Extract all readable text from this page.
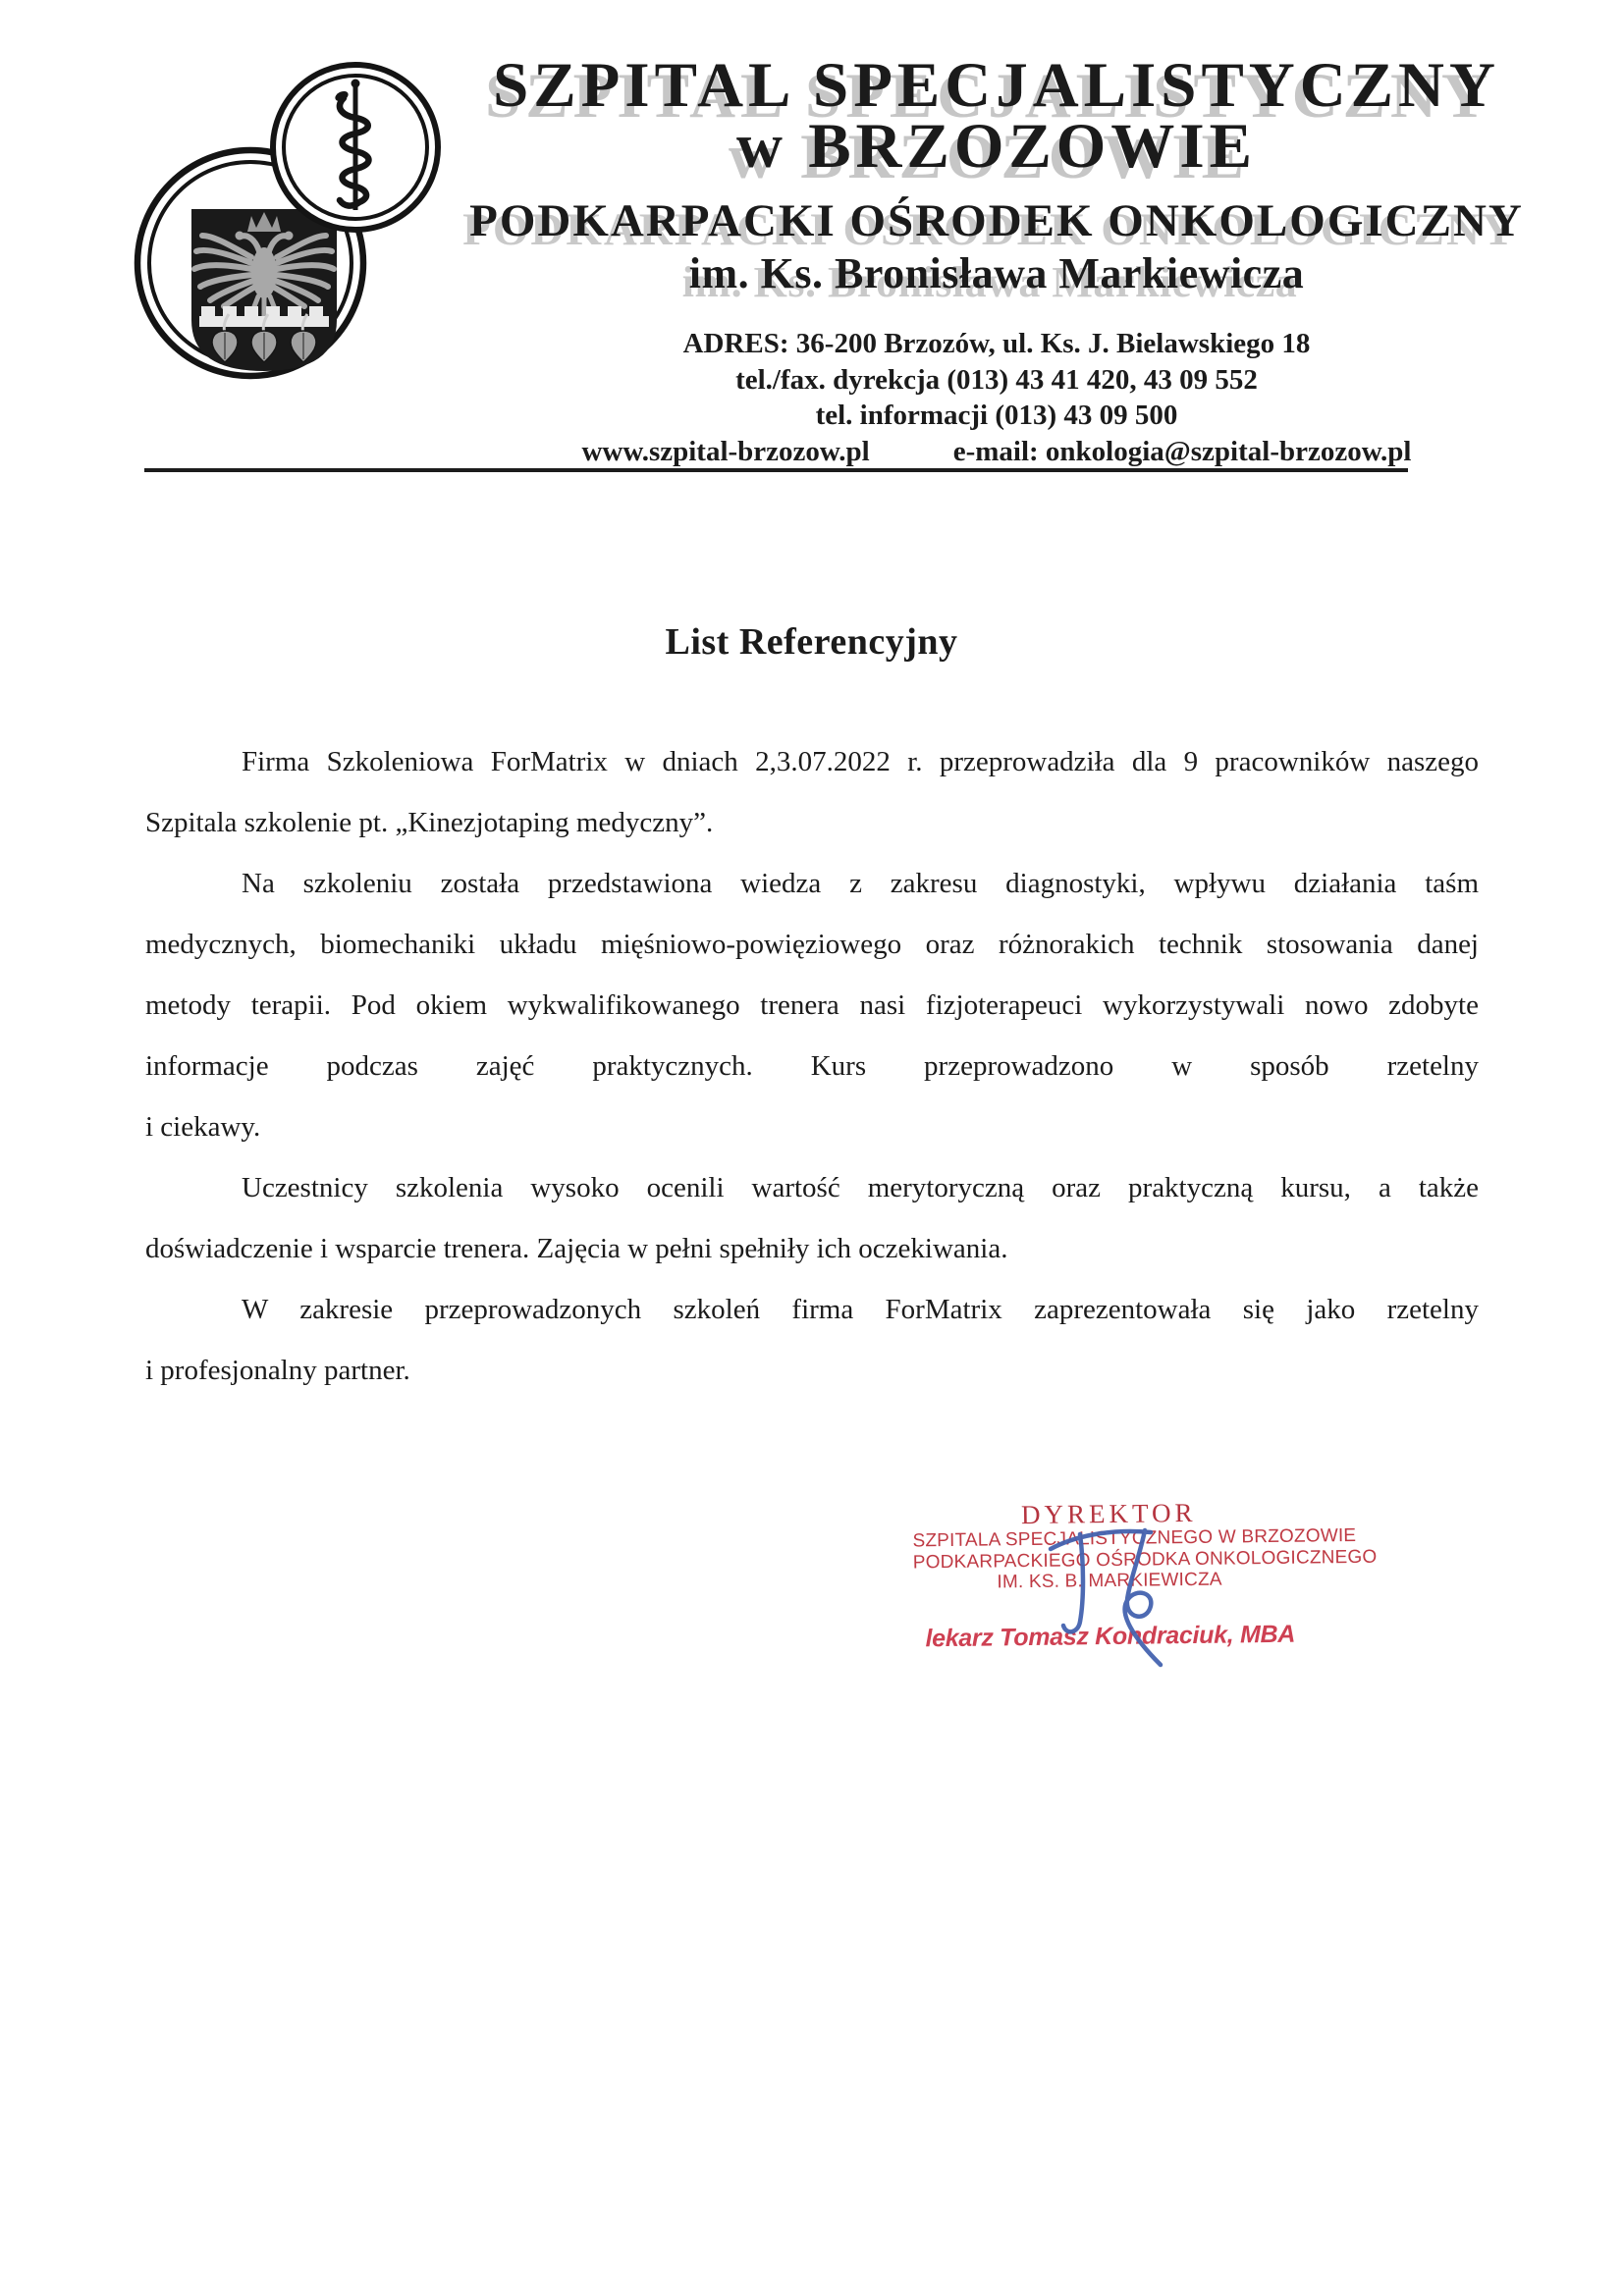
SZPITAL SPECJALISTYCZNY
w BRZOZOWIE
PODKARPACKI OŚRODEK ONKOLOGICZNY
im. Ks. Bronisława Markiewicza
ADRES: 36-200 Brzozów, ul. Ks. J. Bielawskiego 18
tel./fax. dyrekcja (013) 43 41 420, 43 09 552
tel. informacji (013) 43 09 500
www.szpital-brzozow.pl	e-mail: onkologia@szpital-brzozow.pl
List Referencyjny
Firma Szkoleniowa ForMatrix w dniach 2,3.07.2022 r. przeprowadziła dla 9 pracowników naszego
Szpitala szkolenie pt. „Kinezjotaping medyczny”.
Na szkoleniu została przedstawiona wiedza z zakresu diagnostyki, wpływu działania taśm
medycznych, biomechaniki układu mięśniowo-powięziowego oraz różnorakich technik stosowania danej
metody terapii. Pod okiem wykwalifikowanego trenera nasi fizjoterapeuci wykorzystywali nowo zdobyte
informacje podczas zajęć praktycznych. Kurs przeprowadzono w sposób rzetelny
i ciekawy.
Uczestnicy szkolenia wysoko ocenili wartość merytoryczną oraz praktyczną kursu, a także
doświadczenie i wsparcie trenera. Zajęcia w pełni spełniły ich oczekiwania.
W zakresie przeprowadzonych szkoleń firma ForMatrix zaprezentowała się jako rzetelny
i profesjonalny partner.
DYREKTOR
SZPITALA SPECJALISTYCZNEGO W BRZOZOWIE
PODKARPACKIEGO OŚRODKA ONKOLOGICZNEGO
IM. KS. B. MARKIEWICZA
lekarz Tomasz Kondraciuk, MBA
